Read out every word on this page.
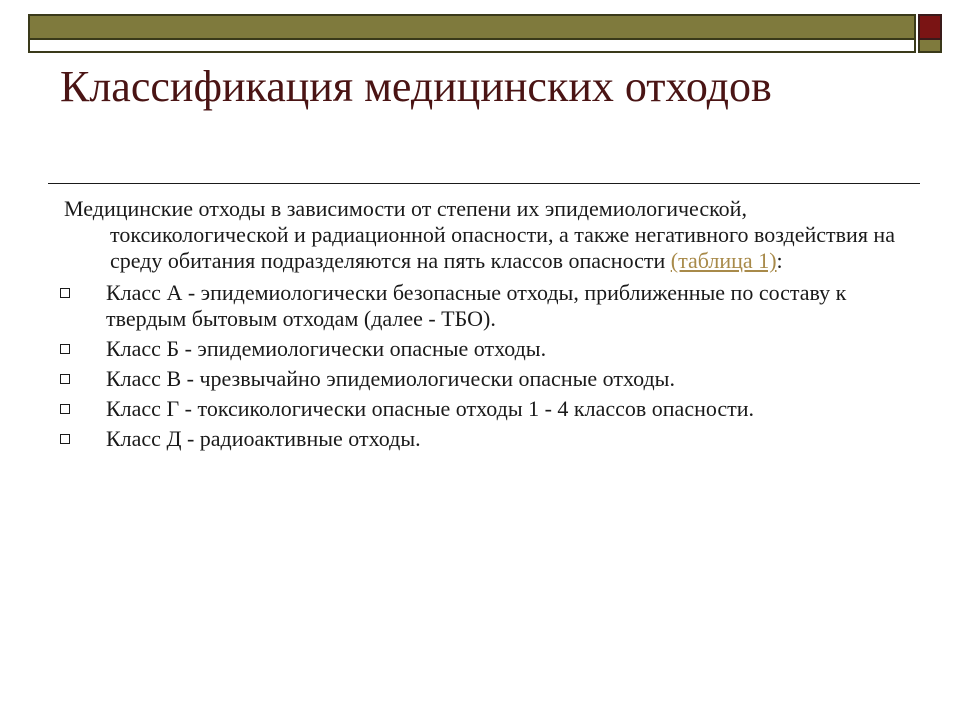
Классификация медицинских отходов

Медицинские отходы в зависимости от степени их эпидемиологической, токсикологической и радиационной опасности, а также негативного воздействия на среду обитания подразделяются на пять классов опасности (таблица 1):

Класс А - эпидемиологически безопасные отходы, приближенные по составу к твердым бытовым отходам (далее - ТБО).
Класс Б - эпидемиологически опасные отходы.
Класс В - чрезвычайно эпидемиологически опасные отходы.
Класс Г - токсикологически опасные отходы 1 - 4 классов опасности.
Класс Д - радиоактивные отходы.
